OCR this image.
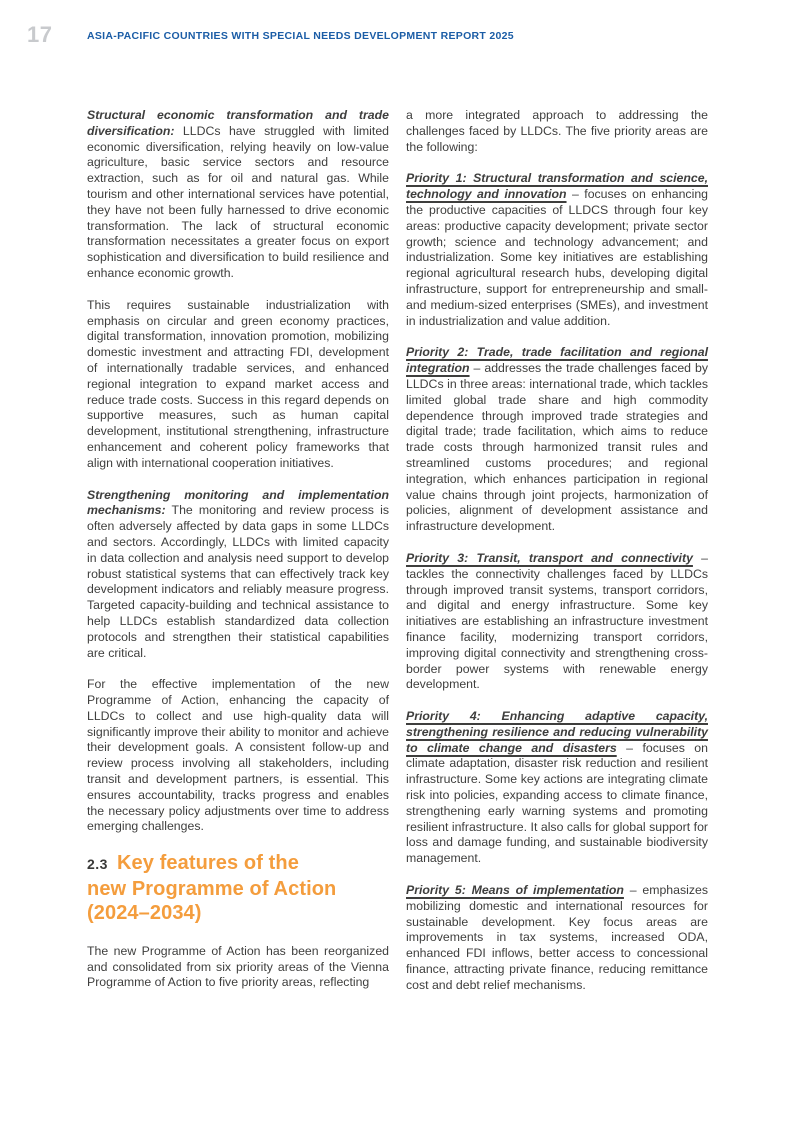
17	ASIA-PACIFIC COUNTRIES WITH SPECIAL NEEDS DEVELOPMENT REPORT 2025

Structural economic transformation and trade diversification: LLDCs have struggled with limited economic diversification, relying heavily on low-value agriculture, basic service sectors and resource extraction, such as for oil and natural gas. While tourism and other international services have potential, they have not been fully harnessed to drive economic transformation. The lack of structural economic transformation necessitates a greater focus on export sophistication and diversification to build resilience and enhance economic growth.

This requires sustainable industrialization with emphasis on circular and green economy practices, digital transformation, innovation promotion, mobilizing domestic investment and attracting FDI, development of internationally tradable services, and enhanced regional integration to expand market access and reduce trade costs. Success in this regard depends on supportive measures, such as human capital development, institutional strengthening, infrastructure enhancement and coherent policy frameworks that align with international cooperation initiatives.

Strengthening monitoring and implementation mechanisms: The monitoring and review process is often adversely affected by data gaps in some LLDCs and sectors. Accordingly, LLDCs with limited capacity in data collection and analysis need support to develop robust statistical systems that can effectively track key development indicators and reliably measure progress. Targeted capacity-building and technical assistance to help LLDCs establish standardized data collection protocols and strengthen their statistical capabilities are critical.

For the effective implementation of the new Programme of Action, enhancing the capacity of LLDCs to collect and use high-quality data will significantly improve their ability to monitor and achieve their development goals. A consistent follow-up and review process involving all stakeholders, including transit and development partners, is essential. This ensures accountability, tracks progress and enables the necessary policy adjustments over time to address emerging challenges.

2.3 Key features of the
new Programme of Action
(2024–2034)

The new Programme of Action has been reorganized and consolidated from six priority areas of the Vienna Programme of Action to five priority areas, reflecting

a more integrated approach to addressing the challenges faced by LLDCs. The five priority areas are the following:

Priority 1: Structural transformation and science, technology and innovation – focuses on enhancing the productive capacities of LLDCS through four key areas: productive capacity development; private sector growth; science and technology advancement; and industrialization. Some key initiatives are establishing regional agricultural research hubs, developing digital infrastructure, support for entrepreneurship and small- and medium-sized enterprises (SMEs), and investment in industrialization and value addition.

Priority 2: Trade, trade facilitation and regional integration – addresses the trade challenges faced by LLDCs in three areas: international trade, which tackles limited global trade share and high commodity dependence through improved trade strategies and digital trade; trade facilitation, which aims to reduce trade costs through harmonized transit rules and streamlined customs procedures; and regional integration, which enhances participation in regional value chains through joint projects, harmonization of policies, alignment of development assistance and infrastructure development.

Priority 3: Transit, transport and connectivity – tackles the connectivity challenges faced by LLDCs through improved transit systems, transport corridors, and digital and energy infrastructure. Some key initiatives are establishing an infrastructure investment finance facility, modernizing transport corridors, improving digital connectivity and strengthening cross-border power systems with renewable energy development.

Priority 4: Enhancing adaptive capacity, strengthening resilience and reducing vulnerability to climate change and disasters – focuses on climate adaptation, disaster risk reduction and resilient infrastructure. Some key actions are integrating climate risk into policies, expanding access to climate finance, strengthening early warning systems and promoting resilient infrastructure. It also calls for global support for loss and damage funding, and sustainable biodiversity management.

Priority 5: Means of implementation – emphasizes mobilizing domestic and international resources for sustainable development. Key focus areas are improvements in tax systems, increased ODA, enhanced FDI inflows, better access to concessional finance, attracting private finance, reducing remittance cost and debt relief mechanisms.
